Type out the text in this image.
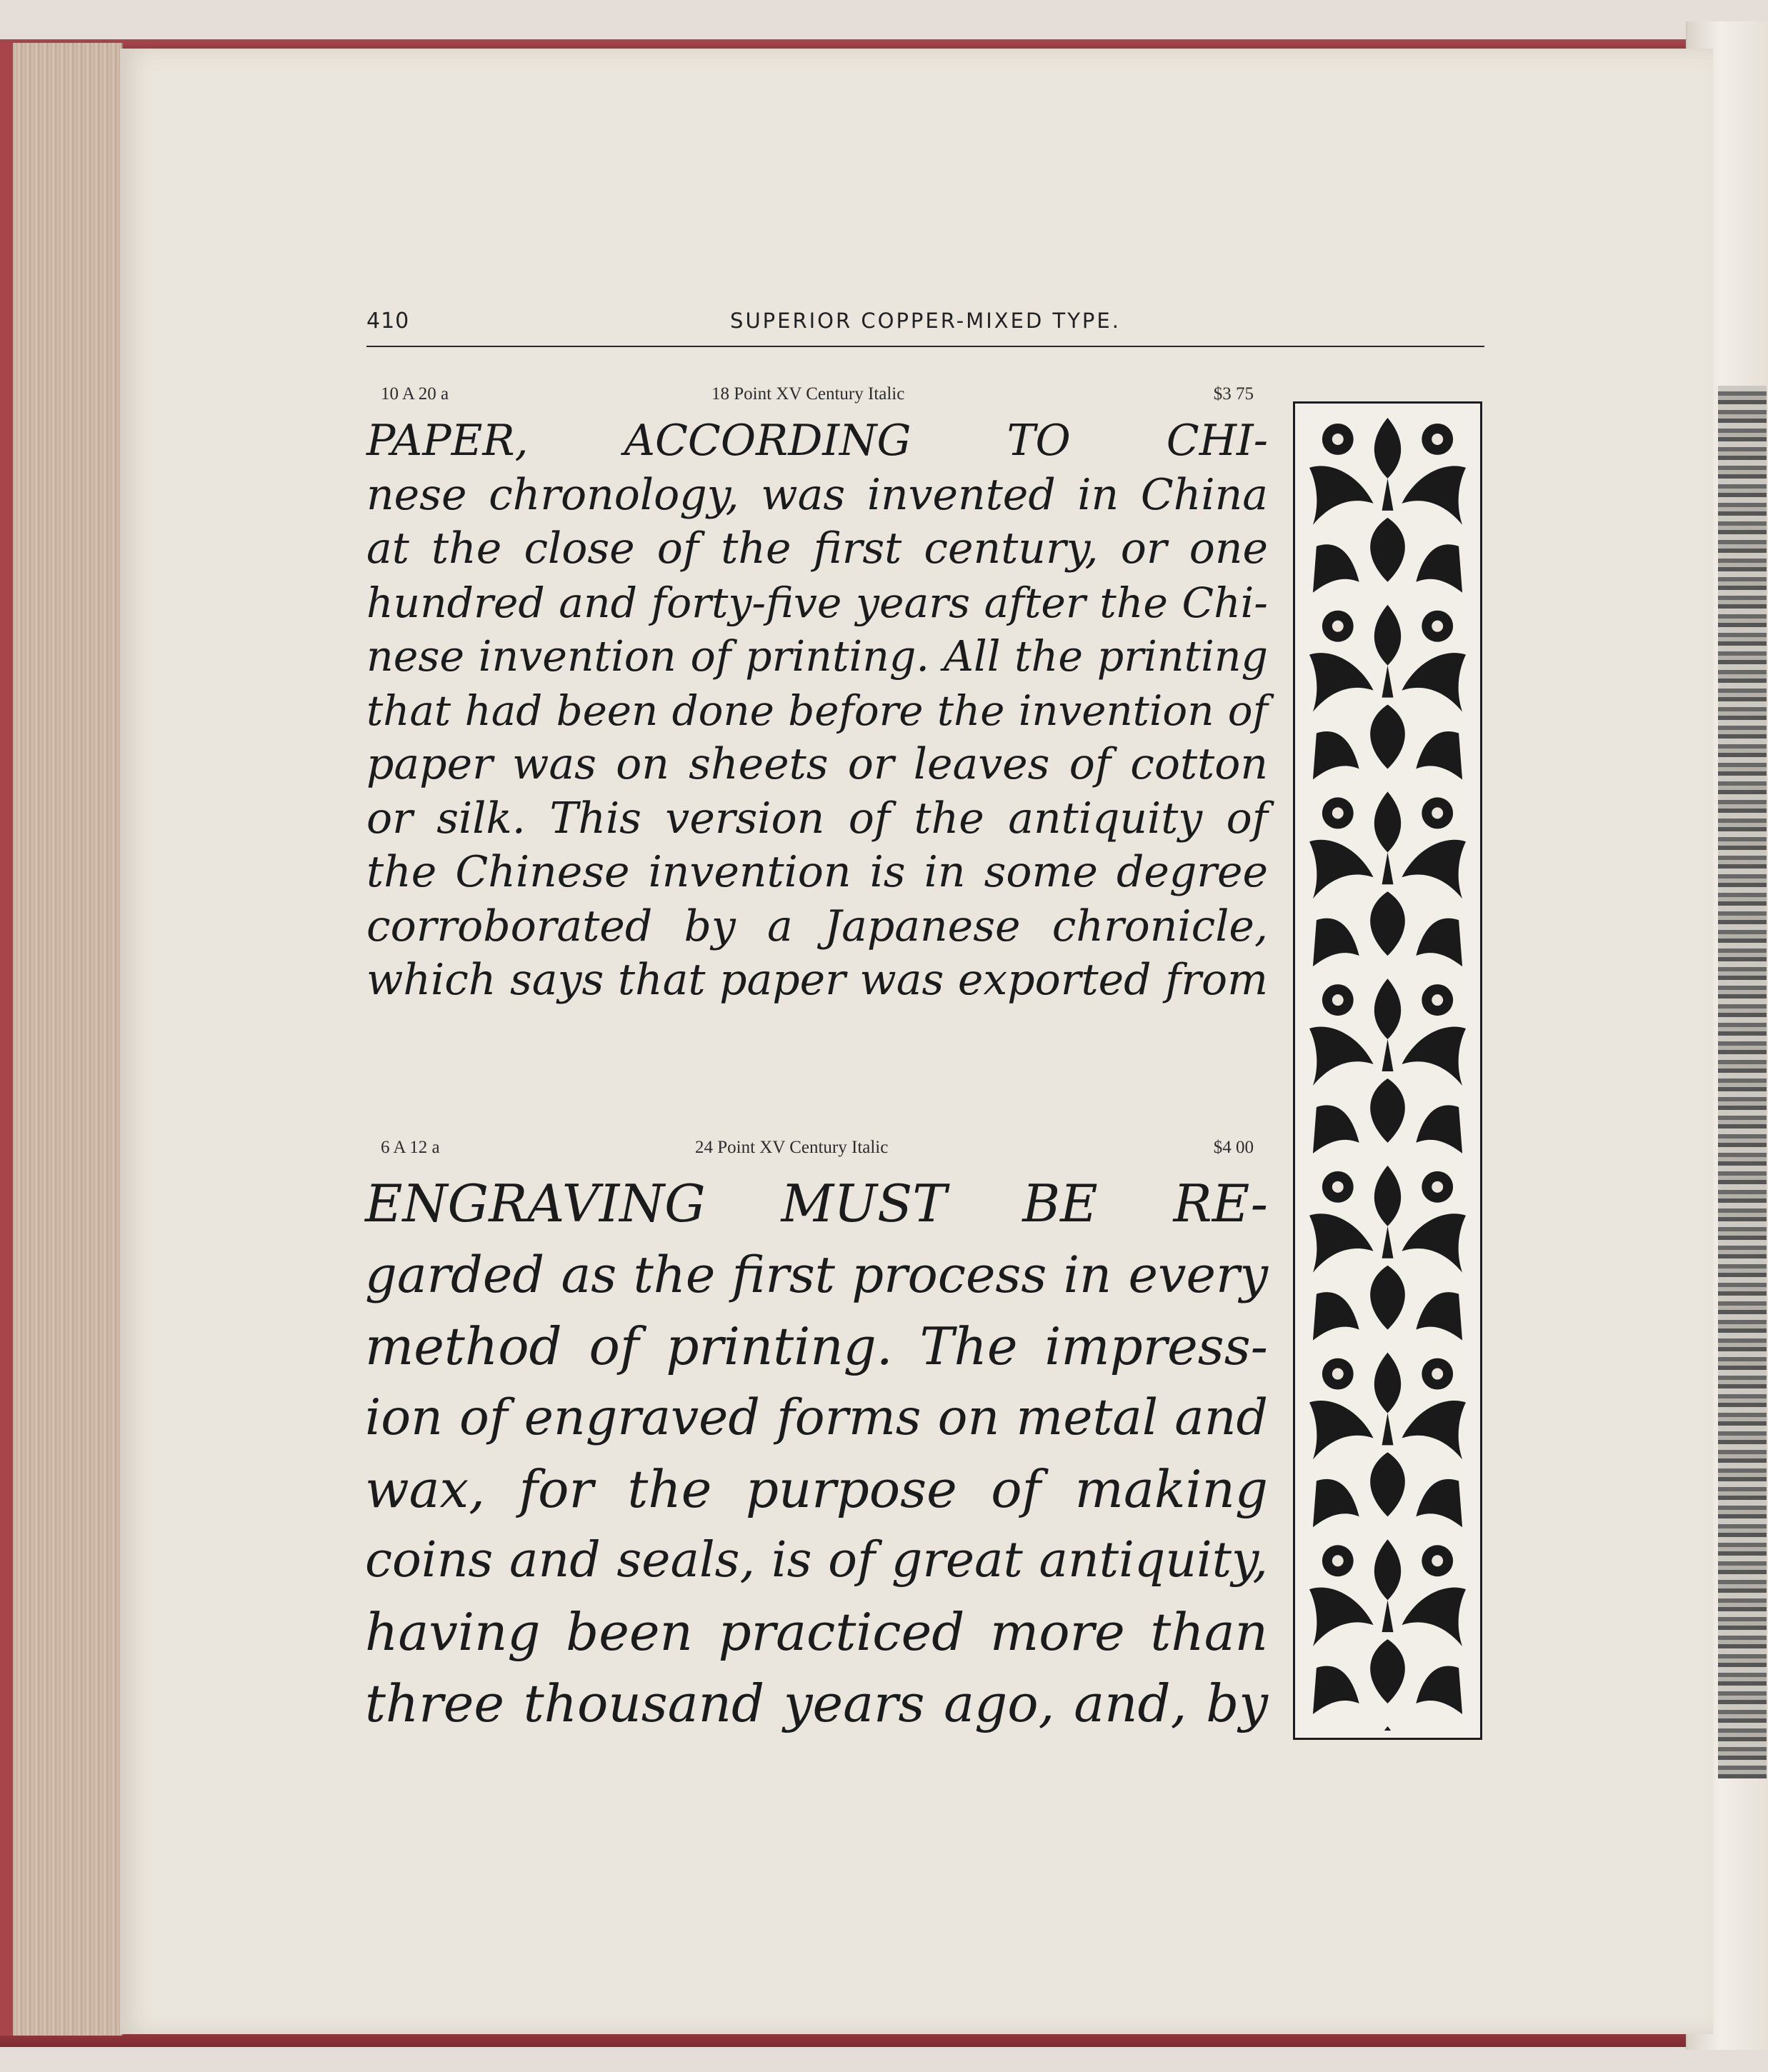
410	SUPERIOR COPPER-MIXED TYPE.
10 A 20 a	18 Point XV Century Italic	$3 75
PAPER, ACCORDING TO CHI-
nese chronology, was invented in China
at the close of the first century, or one
hundred and forty-five years after the Chi-
nese invention of printing. All the printing
that had been done before the invention of
paper was on sheets or leaves of cotton
or silk. This version of the antiquity of
the Chinese invention is in some degree
corroborated by a Japanese chronicle,
which says that paper was exported from
6 A 12 a	24 Point XV Century Italic	$4 00
ENGRAVING MUST BE RE-
garded as the first process in every
method of printing. The impress-
ion of engraved forms on metal and
wax, for the purpose of making
coins and seals, is of great antiquity,
having been practiced more than
three thousand years ago, and, by
